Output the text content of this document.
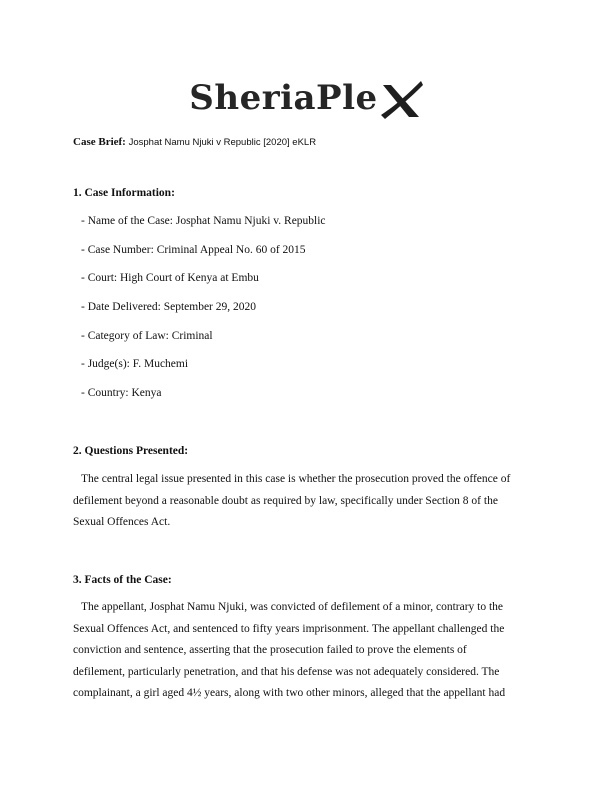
SheriaPle
Case Brief: Josphat Namu Njuki v Republic [2020] eKLR
1. Case Information:
- Name of the Case: Josphat Namu Njuki v. Republic
- Case Number: Criminal Appeal No. 60 of 2015
- Court: High Court of Kenya at Embu
- Date Delivered: September 29, 2020
- Category of Law: Criminal
- Judge(s): F. Muchemi
- Country: Kenya
2. Questions Presented:
The central legal issue presented in this case is whether the prosecution proved the offence of
defilement beyond a reasonable doubt as required by law, specifically under Section 8 of the
Sexual Offences Act.
3. Facts of the Case:
The appellant, Josphat Namu Njuki, was convicted of defilement of a minor, contrary to the
Sexual Offences Act, and sentenced to fifty years imprisonment. The appellant challenged the
conviction and sentence, asserting that the prosecution failed to prove the elements of
defilement, particularly penetration, and that his defense was not adequately considered. The
complainant, a girl aged 4½ years, along with two other minors, alleged that the appellant had
